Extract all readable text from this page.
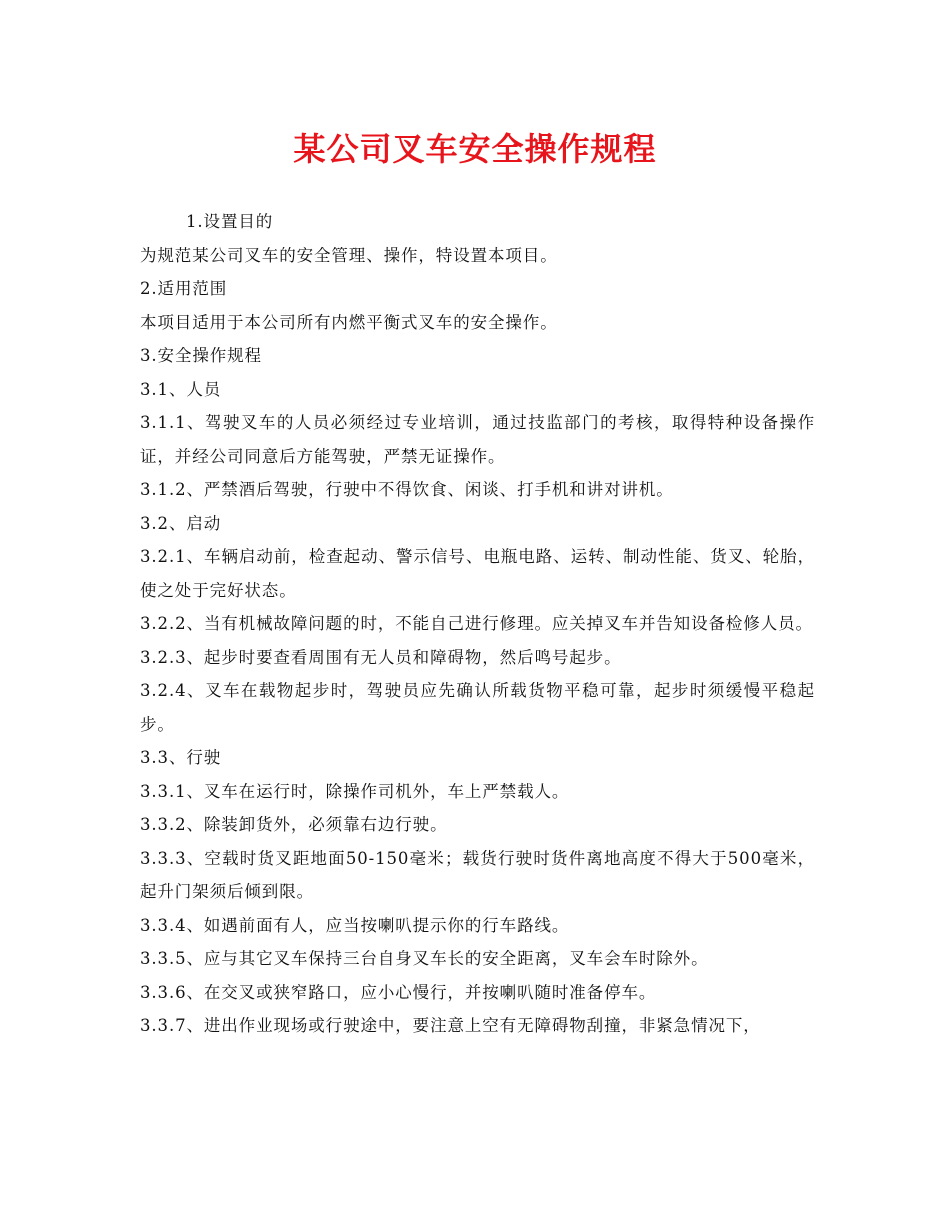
某公司叉车安全操作规程

1.设置目的

为规范某公司叉车的安全管理、操作，特设置本项目。

2.适用范围

本项目适用于本公司所有内燃平衡式叉车的安全操作。

3.安全操作规程

3.1、人员

3.1.1、驾驶叉车的人员必须经过专业培训，通过技监部门的考核，取得特种设备操作证，并经公司同意后方能驾驶，严禁无证操作。

3.1.2、严禁酒后驾驶，行驶中不得饮食、闲谈、打手机和讲对讲机。

3.2、启动

3.2.1、车辆启动前，检查起动、警示信号、电瓶电路、运转、制动性能、货叉、轮胎，使之处于完好状态。

3.2.2、当有机械故障问题的时，不能自己进行修理。应关掉叉车并告知设备检修人员。

3.2.3、起步时要查看周围有无人员和障碍物，然后鸣号起步。

3.2.4、叉车在载物起步时，驾驶员应先确认所载货物平稳可靠，起步时须缓慢平稳起步。

3.3、行驶

3.3.1、叉车在运行时，除操作司机外，车上严禁载人。

3.3.2、除装卸货外，必须靠右边行驶。

3.3.3、空载时货叉距地面50-150毫米；载货行驶时货件离地高度不得大于500毫米，起升门架须后倾到限。

3.3.4、如遇前面有人，应当按喇叭提示你的行车路线。

3.3.5、应与其它叉车保持三台自身叉车长的安全距离，叉车会车时除外。

3.3.6、在交叉或狭窄路口，应小心慢行，并按喇叭随时准备停车。

3.3.7、进出作业现场或行驶途中，要注意上空有无障碍物刮撞，非紧急情况下，
